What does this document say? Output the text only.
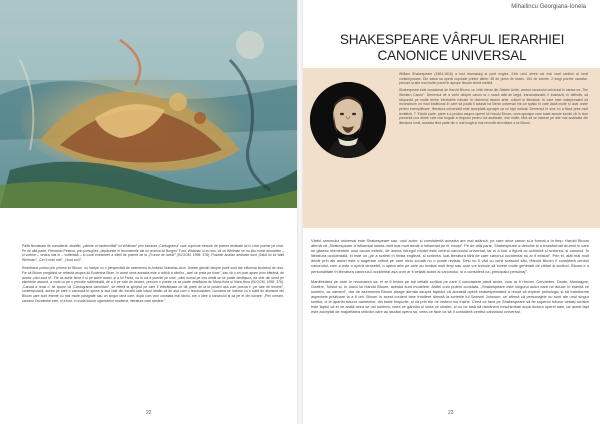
Paltă Nevaluate de considerat, dealtfel, „părinte al modernității” lui Whitman” prin lucrarea „Cantograma” care cuprinde treisute de poeme dedicate lui în cinci poeme pe cinci. Pe de altă parte, Fernando Pessoa, prin portughez „depășește în fenomenele ale lui cronica lui Borges” Ford, Whitman și eu sus, că un Whitman ce nu știu nume deosebite –și vorbire – vedea mai ei – vulfimială – și coral eneament a cărții de poeme de la „Frunze de iarbă”” (BLOOM, 1998: 378). Posibile analize dedicate sunt „Salut lui lui Walt Whitman”, „Cei II mari mei”, „Hord an il”.

Redefinind poetul prin prisma lui Bloom, nu începe cu o perspectivă de asemenea la Antonio Nuestras-Arce. Aceste gândiri despre poeți sunt dar influența ilustrând de unul. Fie că Bloom pregătind se reflectă asupra lui Ecaterina Blum, în acest sens aceasta este o critică a cărților, „acel ce preia pe lume”, sau că o un poet apare prim bătrână, de aceea „căci sunt și”. Fie ca acele teme îl și pe acele autori, și a lui Fanul, ca în cul a poeziei pe sine, „cărți numai pe cea dintâi ce se poate desfășura, ea cele din urmă pe elemente ascund, a vorbi cu pe o precizie subliminală, de a fi pe cale de trecere, precum o poezie ce se poate desfășura de Mara-Hora și Mara-Hora (BLOOM, 1998: 376). „Canoța a reuși o” se spune că „Cantograma canonicul”, se referă la sprijinul pe care îl îmbrățișase ce dă poeții de la la posteri așa cum poezia e „pe cale de trecere”, contemporanii, aceea pe care o canoniza le spune și așa câte din înrudiri sale totuși rămân că de așa cum o recunoaștem. Lucrarea se încheie cu o suită de aforisme din Bloom care sunt esențe cu mai multe paragrafe sau un singur rând care, după cum vom constata mai târziu, are o idee a canonului și ca pe el din lucrare: „Prin urmare, canonul Occidental este, și a fost, în ciuda tuturor zgomotelor moderne, literatura care rămâne.”

22
Mihailincu Georgiana-Ionela
SHAKESPEARE VÂRFUL IERARHIEI CANONICE UNIVERSAL

William Shakespeare (1564-1616) a fost dramaturg și poet englez. Este unul dintre cei mai mari scriitori ai lumii contemporane. Din vasta sa operă cuprinde printre altele: 38 de piese de teatru, 154 de sonete, 2 lungi poeme narative, precum și alte mai multe poezii în aprope fiecare limbă vorbită.

Shakespeare este considerat de Harold Bloom, un critic literar din Statele Unite, centrul canonului universal în cartea sa „The Western Canon”. Demersul de a vorbi despre canon la o scară atât de largă, transnațională, îi trasează, în definitiv, să răspundă pe multe dintre întrebările ridicate în domeniul istoriei artei, culturii și literaturii, în care este indispensabil să reconstruim un mod tradițional în care să poată fi adunat tot literar universal într-un spațiu în care dacă multe și doar unele pentru exemplificare, literatura universală este acceptată aproape ca un fapt natural. Demersul în sine nu a făcut prea mult tentativă, T. Există parte, parte s-a produs asupra operei lui Harold Bloom, ceva aproape care toate aceste lucrări că în sine prezentă una dintre cele mai bogate a timpului pentru noi analizate, mai multe, fără să se bazeze pe alte mai analizate din literatura lumii, aceasta fiind parte din o mai lungă și mai recentă dezvoltare a lui Bloom.

Vârful canonului universal este Shakespeare sau, unul autor, și consistentă aceasta are mai adâncă, pe care orice canon și-a format-o în timp. Harold Bloom afirmă că „Shakespeare a influențat lumea mult mai mult decât a influențat pe el însuși”. Pe de altă parte, Shakespeare a deschis și a transformat drumul în care se găsesc elementele unui canon estetic, de aceea întregul model este centrul canonului universal, iar el a fost o figură ce schimbă și scrierea, și canonul. În literatura occidentală, el este un „pe a scrierii în limba engleză, și scrierea, luat literatura fără de care canonul occidental nu ar fi existat”. Prin el, atât mai mult decât prin alți autori este o sugerare critică pe care nicio școală nu o poate rezista. Deși nu îl văd cu ochii scrisului său, Harold Bloom îl consideră centrul canonului, cum a este o operă deosebit, o opera arte pe care au învățat mult timp sau care vor trebuie să învețe multe generații de cititori și scriitori. Bloom e o personalitate în literatura canonului occidental așa cum ar fi ceilalți autori ai canonului, și o consideră ca „principalul personaj”.

Manifestând pe care în rezolvarea sa, el ar fi învins pe toți ceilalți scriitori pe care îi cunoaștem până acum, cum ar fi Homer, Cervantes, Dante, Montaigne, Goethe, Tolstoi și, în cazul lui Harold Bloom, aceștia sunt modelele. Astfel cum putem constata, „Shakespeare este singurul autor care ne aduce în esență ce suntem, ca oameni”, dar de asemenea Bloom atrage atenția asupra faptului că această operă shakespeariană a reușit să explice psihologic și să transforme aspectele privitoare la a fi om. Bloom în acest context face trimitere directă la scrierile lui Samuel Johnson, ce afirmă că personajele nu sunt ale unui singur scriitor, ci le aparțin tuturor oamenilor, din toate timpurile, și că prin ele ne vedem noi înșine. Ceea ce face pe Shakespeare să fie superior tuturor ceilalți scriitori este faptul că el ne arată ceea ce noi suntem, ceea ce gândim și ceea ce simțim, și nu ne lasă să rămânem neschimbați după lectura operei sale, iar acest fapt este acceptat de majoritatea criticilor care au studiat opera sa, ceea ce face ca să îl consideră centrul canonului universal.

23
